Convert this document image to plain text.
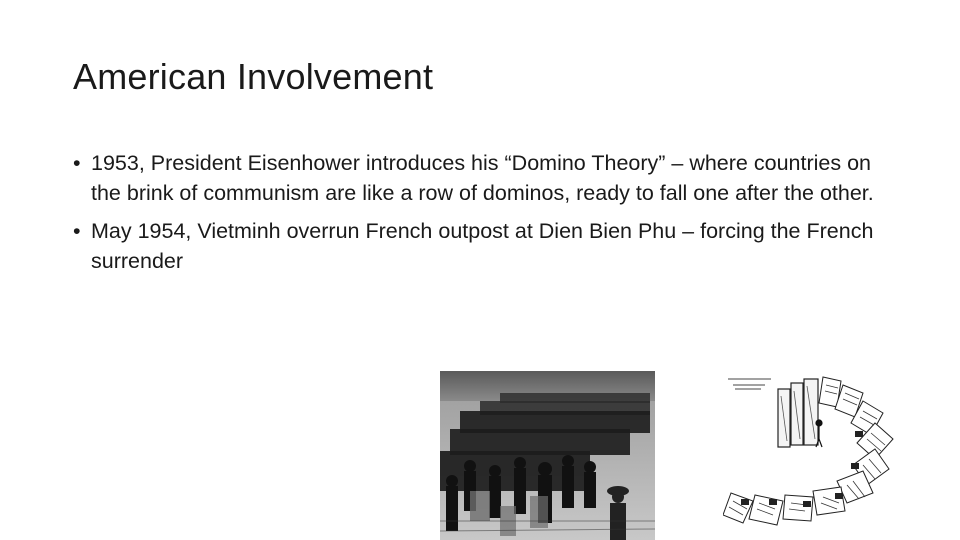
American Involvement
• 1953, President Eisenhower introduces his “Domino Theory” – where countries on the brink of communism are like a row of dominos, ready to fall one after the other.
• May 1954, Vietminh overrun French outpost at Dien Bien Phu – forcing the French surrender
